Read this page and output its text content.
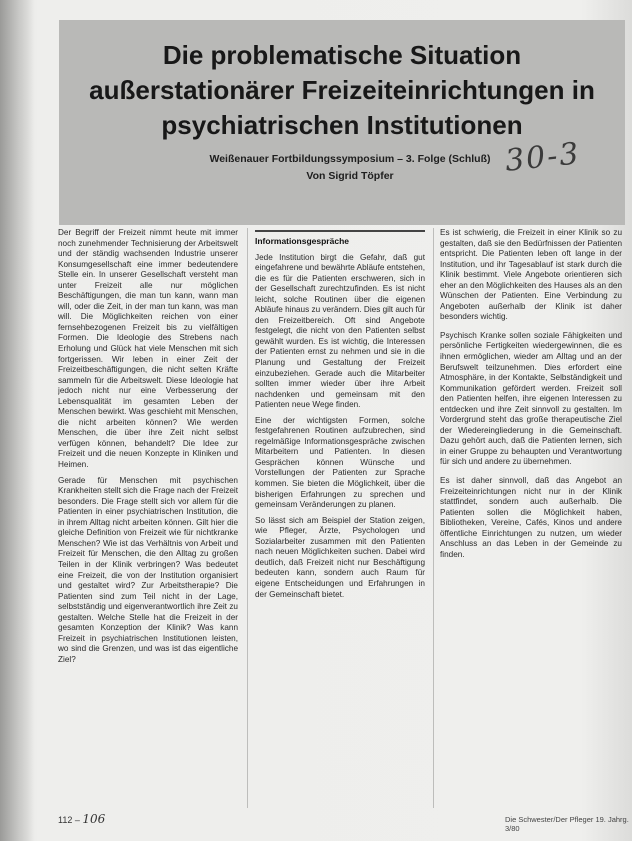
Die problematische Situation außerstationärer Freizeiteinrichtungen in psychiatrischen Institutionen
Weißenauer Fortbildungssymposium – 3. Folge (Schluß)
Von Sigrid Töpfer	30-3

Der Begriff der Freizeit nimmt heute mit immer noch zunehmender Technisierung der Arbeitswelt und der ständig wachsenden Industrie unserer Konsumgesellschaft eine immer bedeutendere Stelle ein. In unserer Gesellschaft versteht man unter Freizeit alle nur möglichen Beschäftigungen, die man tun kann, wann man will, oder die Zeit, in der man tun kann, was man will. Die Möglichkeiten reichen von einer fernsehbezogenen Freizeit bis zu vielfältigen Formen. Die Ideologie des Strebens nach Erholung und Glück hat viele Menschen mit sich fortgerissen. Wir leben in einer Zeit der Freizeitbeschäftigungen, die nicht selten Kräfte sammeln für die Arbeitswelt. Diese Ideologie hat jedoch nicht nur eine Verbesserung der Lebensqualität im gesamten Leben der Menschen bewirkt. Was geschieht mit Menschen, die nicht arbeiten können? Wie werden Menschen, die über ihre Zeit nicht selbst verfügen können, behandelt? Die Idee zur Freizeit und die neuen Konzepte in Kliniken und Heimen.

Gerade für Menschen mit psychischen Krankheiten stellt sich die Frage nach der Freizeit besonders. Die Frage stellt sich vor allem für die Patienten in einer psychiatrischen Institution, die in ihrem Alltag nicht arbeiten können. Gilt hier die gleiche Definition von Freizeit wie für nichtkranke Menschen? Wie ist das Verhältnis von Arbeit und Freizeit für Menschen, die den Alltag zu großen Teilen in der Klinik verbringen? Was bedeutet eine Freizeit, die von der Institution organisiert und gestaltet wird? Zur Arbeitstherapie? Die Patienten sind zum Teil nicht in der Lage, selbstständig und eigenverantwortlich ihre Zeit zu gestalten. Welche Stelle hat die Freizeit in der gesamten Konzeption der Klinik? Was kann Freizeit in psychiatrischen Institutionen leisten, wo sind die Grenzen, und was ist das eigentliche Ziel?

Informationsgespräche

Jede Institution birgt die Gefahr, daß gut eingefahrene und bewährte Abläufe entstehen, die es für die Patienten erschweren, sich in der Gesellschaft zurechtzufinden. Es ist nicht leicht, solche Routinen über die eigenen Abläufe hinaus zu verändern. Dies gilt auch für den Freizeitbereich. Oft sind Angebote festgelegt, die nicht von den Patienten selbst gewählt wurden. Es ist wichtig, die Interessen der Patienten ernst zu nehmen und sie in die Planung und Gestaltung der Freizeit einzubeziehen. Gerade auch die Mitarbeiter sollten immer wieder über ihre Arbeit nachdenken und gemeinsam mit den Patienten neue Wege finden.

Eine der wichtigsten Formen, solche festgefahrenen Routinen aufzubrechen, sind regelmäßige Informationsgespräche zwischen Mitarbeitern und Patienten. In diesen Gesprächen können Wünsche und Vorstellungen der Patienten zur Sprache kommen. Sie bieten die Möglichkeit, über die bisherigen Erfahrungen zu sprechen und gemeinsam Veränderungen zu planen.

So lässt sich am Beispiel der Station zeigen, wie Pfleger, Ärzte, Psychologen und Sozialarbeiter zusammen mit den Patienten nach neuen Möglichkeiten suchen. Dabei wird deutlich, daß Freizeit nicht nur Beschäftigung bedeuten kann, sondern auch Raum für eigene Entscheidungen und Erfahrungen in der Gemeinschaft bietet.

Es ist schwierig, die Freizeit in einer Klinik so zu gestalten, daß sie den Bedürfnissen der Patienten entspricht. Die Patienten leben oft lange in der Institution, und ihr Tagesablauf ist stark durch die Klinik bestimmt. Viele Angebote orientieren sich eher an den Möglichkeiten des Hauses als an den Wünschen der Patienten. Eine Verbindung zu Angeboten außerhalb der Klinik ist daher besonders wichtig.

Psychisch Kranke sollen soziale Fähigkeiten und persönliche Fertigkeiten wiedergewinnen, die es ihnen ermöglichen, wieder am Alltag und an der Berufswelt teilzunehmen. Dies erfordert eine Atmosphäre, in der Kontakte, Selbständigkeit und Kommunikation gefördert werden. Freizeit soll den Patienten helfen, ihre eigenen Interessen zu entdecken und ihre Zeit sinnvoll zu gestalten. Im Vordergrund steht das große therapeutische Ziel der Wiedereingliederung in die Gemeinschaft. Dazu gehört auch, daß die Patienten lernen, sich in einer Gruppe zu behaupten und Verantwortung für sich und andere zu übernehmen.

Es ist daher sinnvoll, daß das Angebot an Freizeiteinrichtungen nicht nur in der Klinik stattfindet, sondern auch außerhalb. Die Patienten sollen die Möglichkeit haben, Bibliotheken, Vereine, Cafés, Kinos und andere öffentliche Einrichtungen zu nutzen, um wieder Anschluss an das Leben in der Gemeinde zu finden.

112 – 106	Die Schwester/Der Pfleger 19. Jahrg. 3/80
